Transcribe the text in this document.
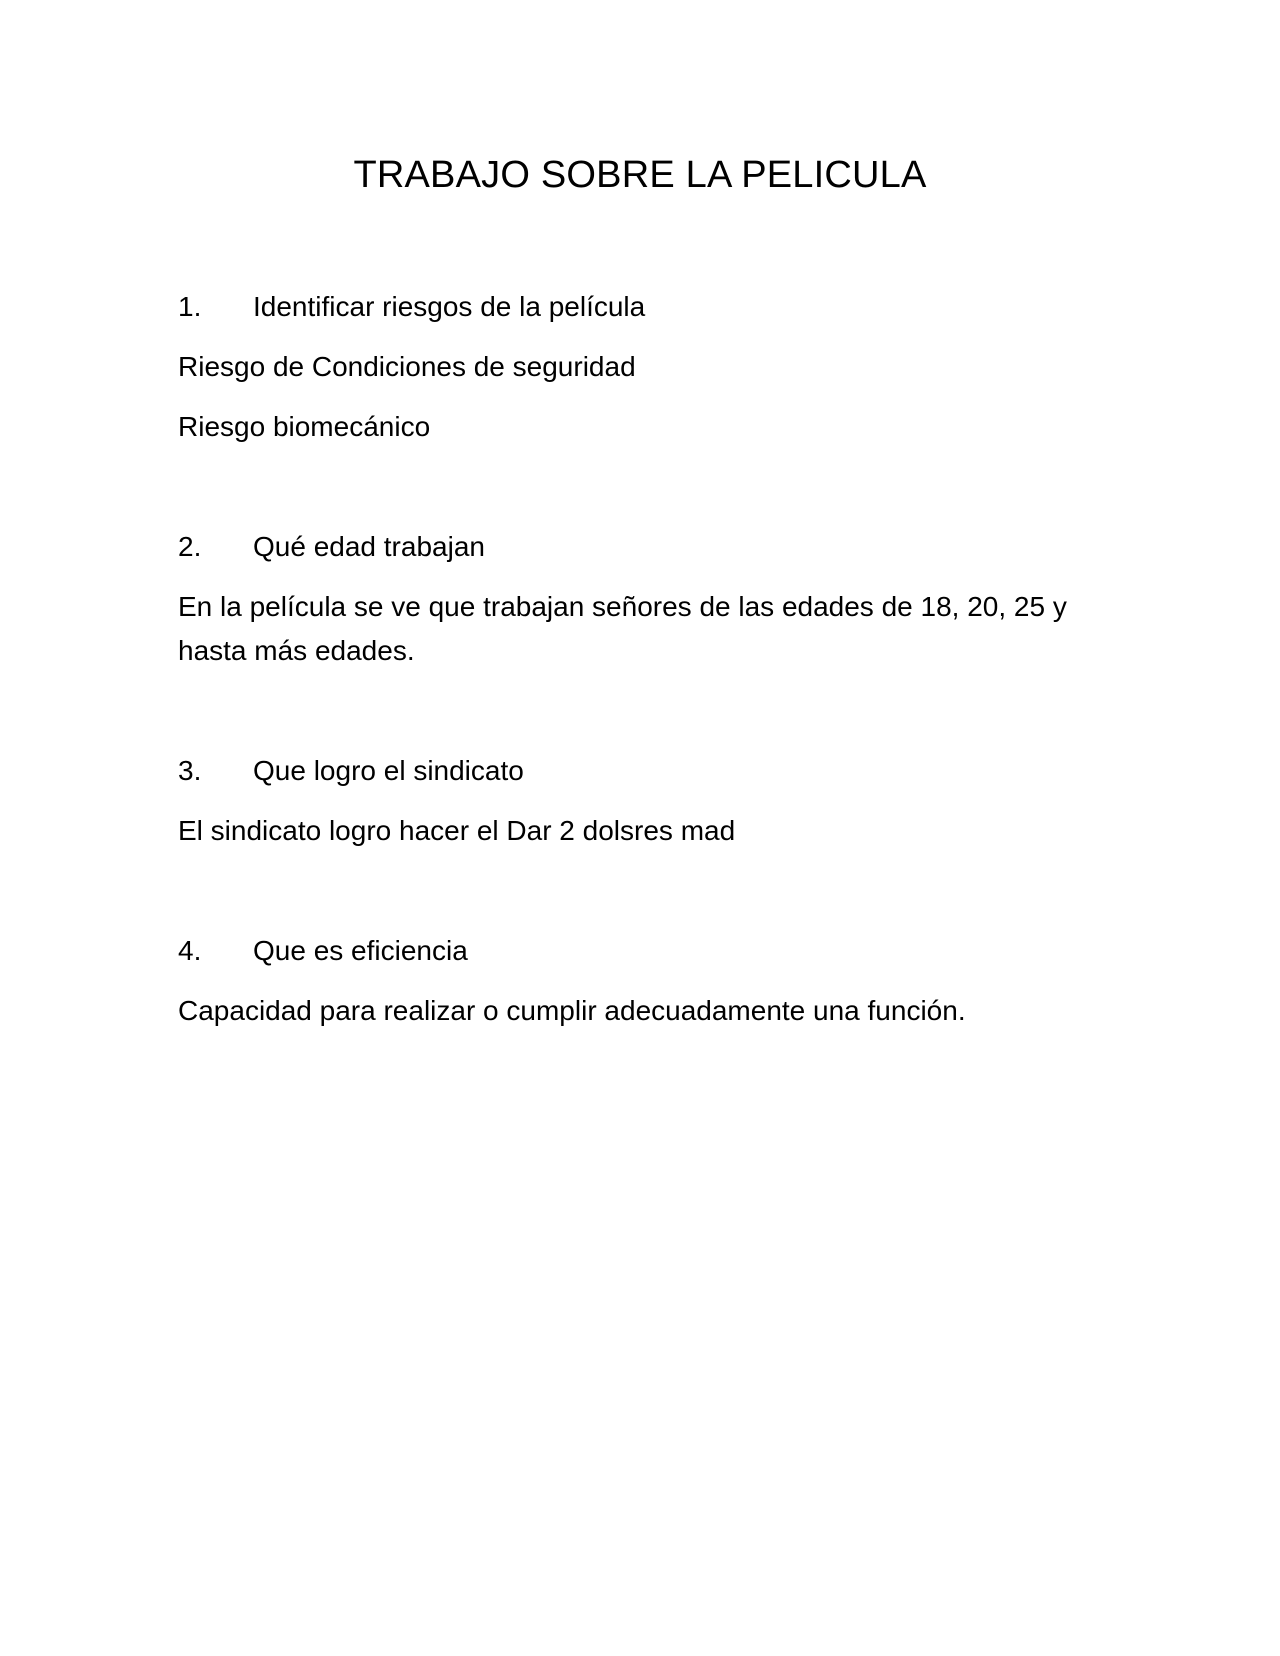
TRABAJO SOBRE LA PELICULA
1.	Identificar riesgos de la película
Riesgo de Condiciones de seguridad
Riesgo biomecánico
2.	Qué edad trabajan
En la película se ve que trabajan señores de las edades de 18, 20, 25 y hasta más edades.
3.	Que logro el sindicato
El sindicato logro hacer el Dar 2 dolsres mad
4.	Que es eficiencia
Capacidad para realizar o cumplir adecuadamente una función.
